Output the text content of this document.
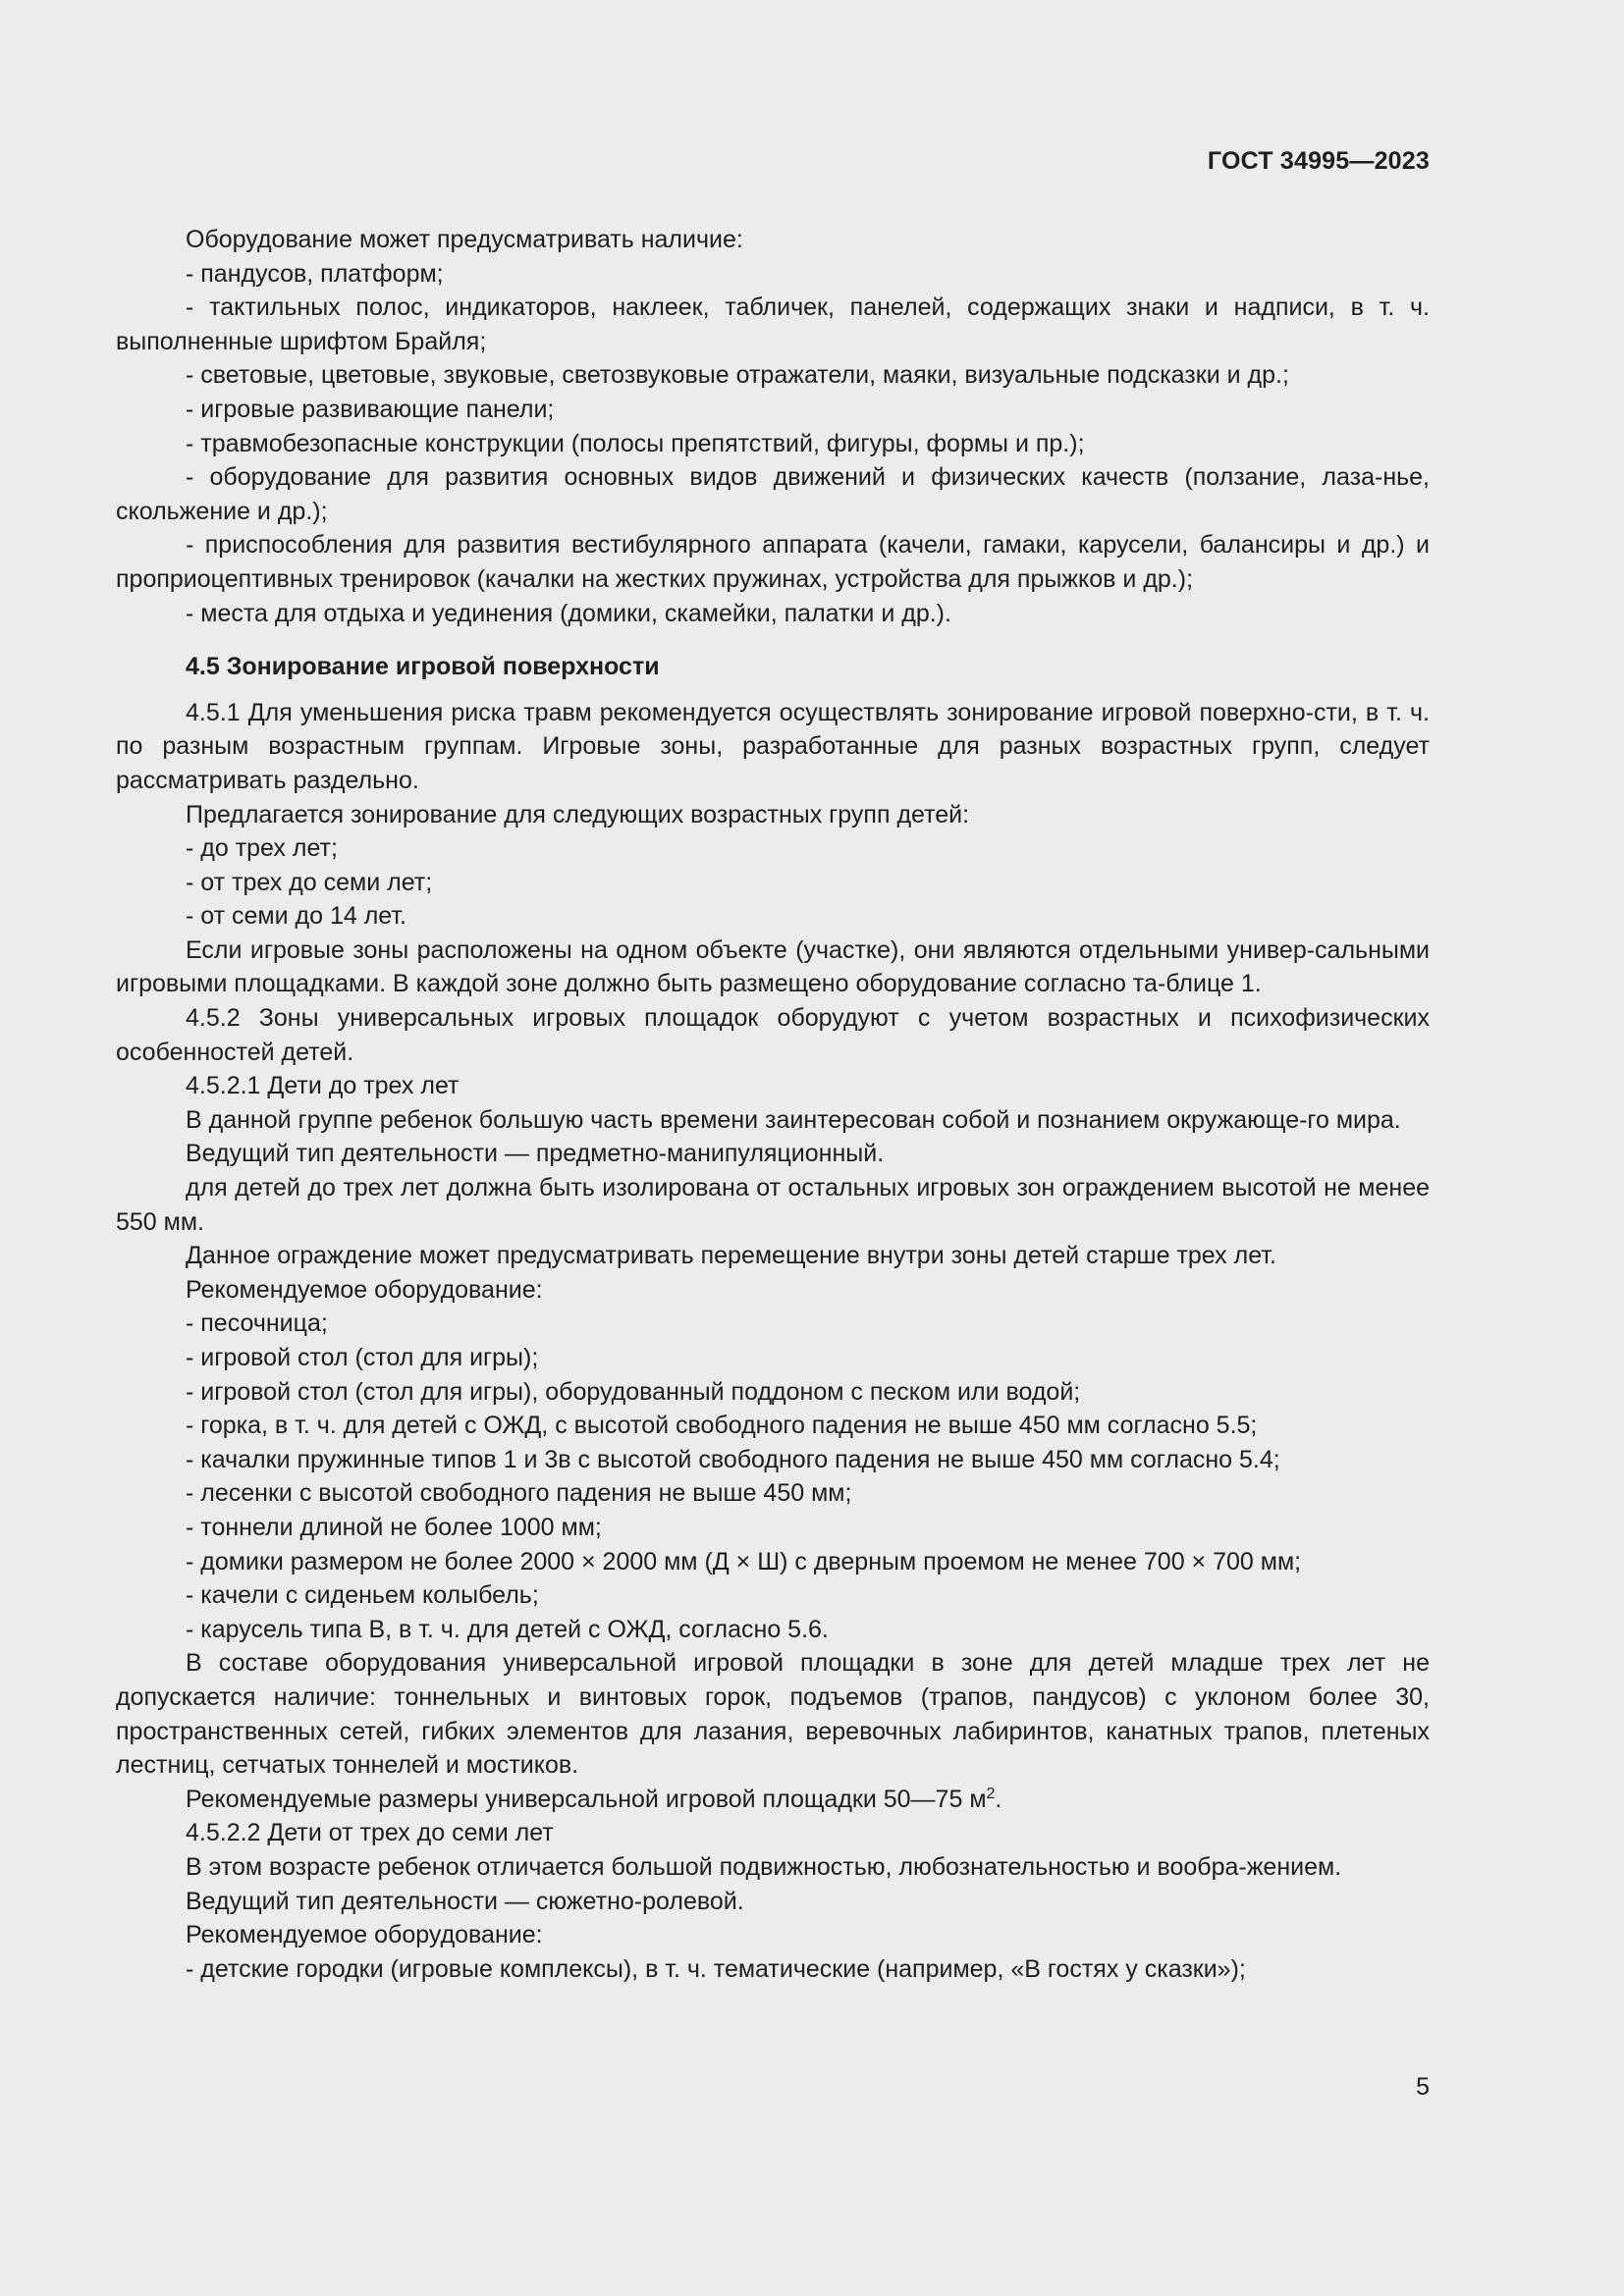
ГОСТ 34995—2023
Оборудование может предусматривать наличие:
- пандусов, платформ;
- тактильных полос, индикаторов, наклеек, табличек, панелей, содержащих знаки и надписи, в т. ч. выполненные шрифтом Брайля;
- световые, цветовые, звуковые, светозвуковые отражатели, маяки, визуальные подсказки и др.;
- игровые развивающие панели;
- травмобезопасные конструкции (полосы препятствий, фигуры, формы и пр.);
- оборудование для развития основных видов движений и физических качеств (ползание, лаза-нье, скольжение и др.);
- приспособления для развития вестибулярного аппарата (качели, гамаки, карусели, балансиры и др.) и проприоцептивных тренировок (качалки на жестких пружинах, устройства для прыжков и др.);
- места для отдыха и уединения (домики, скамейки, палатки и др.).
4.5 Зонирование игровой поверхности
4.5.1 Для уменьшения риска травм рекомендуется осуществлять зонирование игровой поверхно-сти, в т. ч. по разным возрастным группам. Игровые зоны, разработанные для разных возрастных групп, следует рассматривать раздельно.
Предлагается зонирование для следующих возрастных групп детей:
- до трех лет;
- от трех до семи лет;
- от семи до 14 лет.
Если игровые зоны расположены на одном объекте (участке), они являются отдельными универ-сальными игровыми площадками. В каждой зоне должно быть размещено оборудование согласно та-блице 1.
4.5.2 Зоны универсальных игровых площадок оборудуют с учетом возрастных и психофизических особенностей детей.
4.5.2.1 Дети до трех лет
В данной группе ребенок большую часть времени заинтересован собой и познанием окружающе-го мира.
Ведущий тип деятельности — предметно-манипуляционный.
для детей до трех лет должна быть изолирована от остальных игровых зон ограждением высотой не менее 550 мм.
Данное ограждение может предусматривать перемещение внутри зоны детей старше трех лет.
Рекомендуемое оборудование:
- песочница;
- игровой стол (стол для игры);
- игровой стол (стол для игры), оборудованный поддоном с песком или водой;
- горка, в т. ч. для детей с ОЖД, с высотой свободного падения не выше 450 мм согласно 5.5;
- качалки пружинные типов 1 и 3в с высотой свободного падения не выше 450 мм согласно 5.4;
- лесенки с высотой свободного падения не выше 450 мм;
- тоннели длиной не более 1000 мм;
- домики размером не более 2000 × 2000 мм (Д × Ш) с дверным проемом не менее 700 × 700 мм;
- качели с сиденьем колыбель;
- карусель типа В, в т. ч. для детей с ОЖД, согласно 5.6.
В составе оборудования универсальной игровой площадки в зоне для детей младше трех лет не допускается наличие: тоннельных и винтовых горок, подъемов (трапов, пандусов) с уклоном более 30, пространственных сетей, гибких элементов для лазания, веревочных лабиринтов, канатных трапов, плетеных лестниц, сетчатых тоннелей и мостиков.
Рекомендуемые размеры универсальной игровой площадки 50—75 $м^2$.
4.5.2.2 Дети от трех до семи лет
В этом возрасте ребенок отличается большой подвижностью, любознательностью и вообра-жением.
Ведущий тип деятельности — сюжетно-ролевой.
Рекомендуемое оборудование:
- детские городки (игровые комплексы), в т. ч. тематические (например, «В гостях у сказки»);
5
